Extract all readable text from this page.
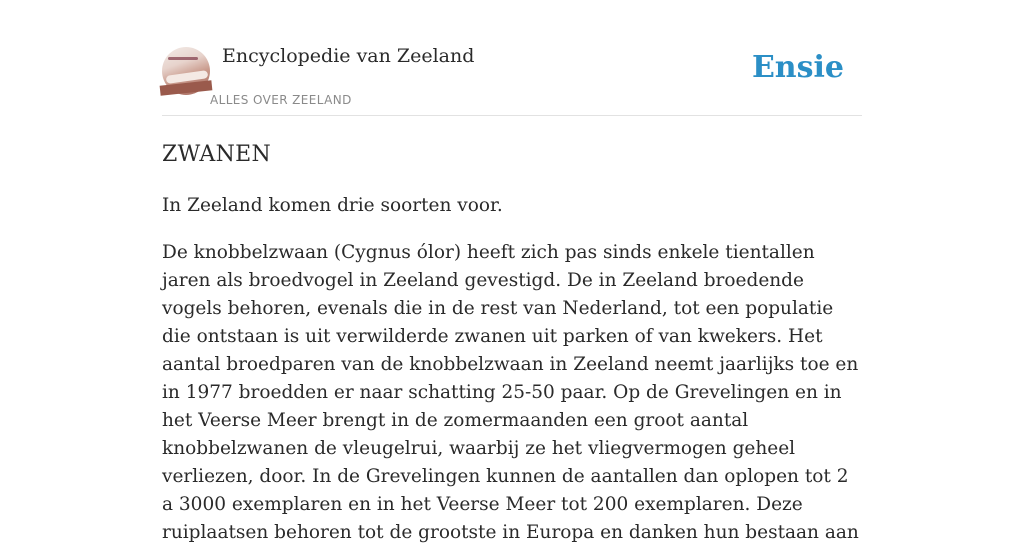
Encyclopedie van Zeeland
ALLES OVER ZEELAND
Ensie
ZWANEN

In Zeeland komen drie soorten voor.

De knobbelzwaan (Cygnus ólor) heeft zich pas sinds enkele tientallen jaren als broedvogel in Zeeland gevestigd. De in Zeeland broedende vogels behoren, evenals die in de rest van Nederland, tot een populatie die ontstaan is uit verwilderde zwanen uit parken of van kwekers. Het aantal broedparen van de knobbelzwaan in Zeeland neemt jaarlijks toe en in 1977 broedden er naar schatting 25-50 paar. Op de Grevelingen en in het Veerse Meer brengt in de zomermaanden een groot aantal knobbelzwanen de vleugelrui, waarbij ze het vliegvermogen geheel verliezen, door. In de Grevelingen kunnen de aantallen dan oplopen tot 2 a 3000 exemplaren en in het Veerse Meer tot 200 exemplaren. Deze ruiplaatsen behoren tot de grootste in Europa en danken hun bestaan aan
